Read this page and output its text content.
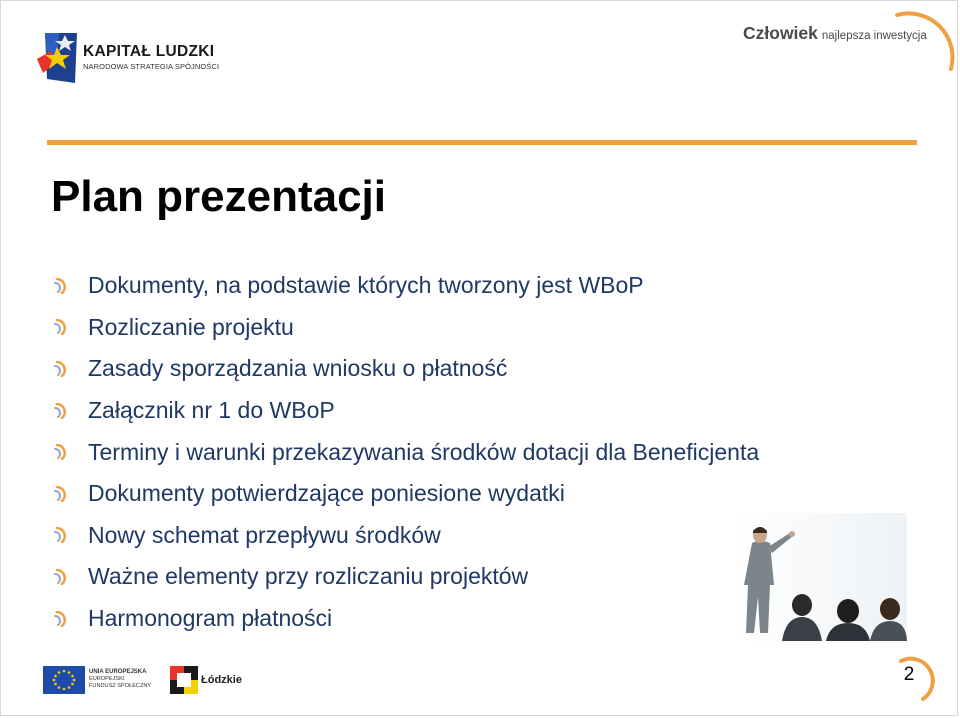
KAPITAŁ LUDZKI
NARODOWA STRATEGIA SPÓJNOŚCI
Człowiek najlepsza inwestycja
Plan prezentacji
Dokumenty, na podstawie których tworzony jest WBoP
Rozliczanie projektu
Zasady sporządzania wniosku o płatność
Załącznik nr 1 do WBoP
Terminy i warunki przekazywania środków dotacji dla Beneficjenta
Dokumenty potwierdzające poniesione wydatki
Nowy schemat przepływu środków
Ważne elementy przy rozliczaniu projektów
Harmonogram płatności
UNIA EUROPEJSKA
EUROPEJSKI
FUNDUSZ SPOŁECZNY	Łódzkie	2
